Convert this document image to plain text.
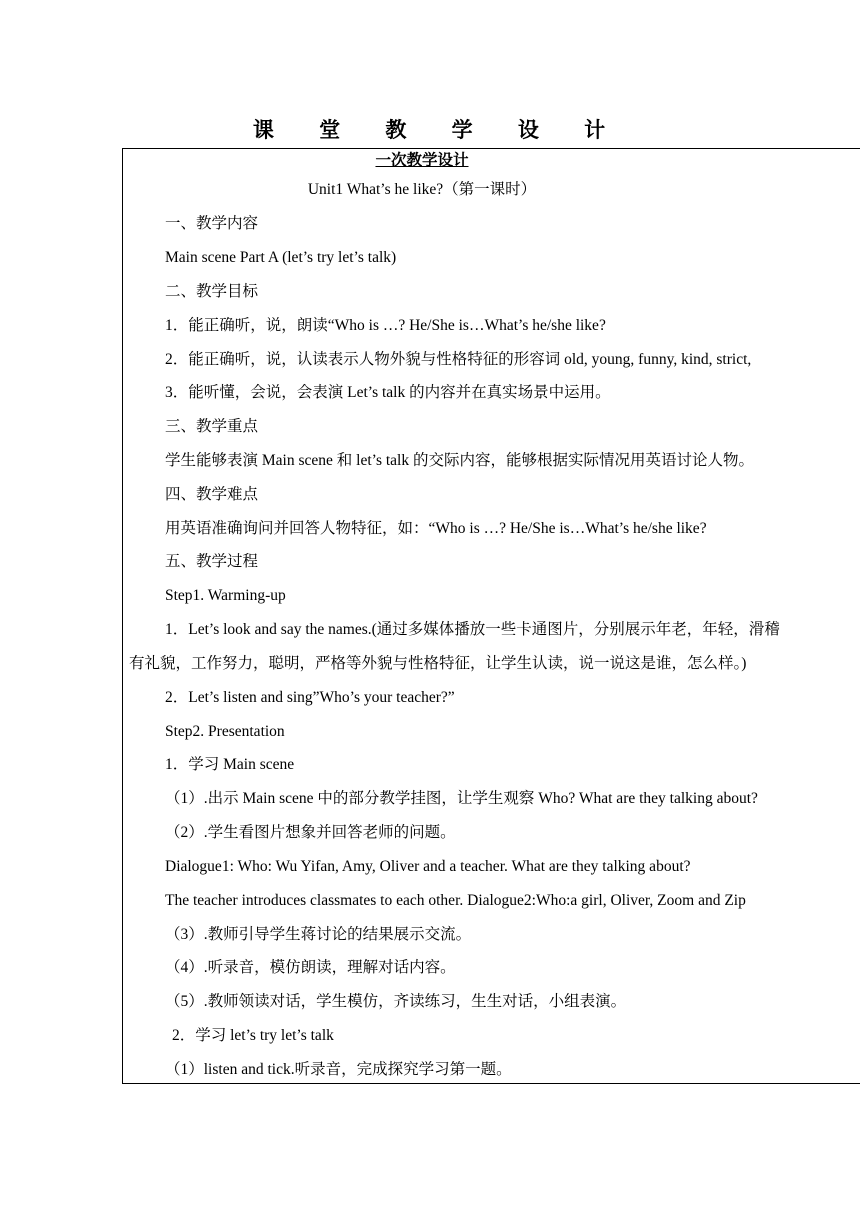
课 堂 教 学 设 计
一次教学设计
Unit1 What’s he like?（第一课时）
一、教学内容
Main scene Part A (let’s try let’s talk)
二、教学目标
1．能正确听，说，朗读“Who is …? He/She is…What’s he/she like?
2．能正确听，说，认读表示人物外貌与性格特征的形容词 old, young, funny, kind, strict,
3．能听懂，会说，会表演 Let’s talk 的内容并在真实场景中运用。
三、教学重点
学生能够表演 Main scene 和 let’s talk 的交际内容，能够根据实际情况用英语讨论人物。
四、教学难点
用英语准确询问并回答人物特征，如：“Who is …? He/She is…What’s he/she like?
五、教学过程
Step1. Warming-up
1．Let’s look and say the names.(通过多媒体播放一些卡通图片，分别展示年老，年轻，滑稽
有礼貌，工作努力，聪明，严格等外貌与性格特征，让学生认读，说一说这是谁，怎么样。)
2．Let’s listen and sing”Who’s your teacher?”
Step2. Presentation
1．学习 Main scene
（1）.出示 Main scene 中的部分教学挂图，让学生观察 Who? What are they talking about?
（2）.学生看图片想象并回答老师的问题。
Dialogue1: Who: Wu Yifan, Amy, Oliver and a teacher. What are they talking about?
The teacher introduces classmates to each other. Dialogue2:Who:a girl, Oliver, Zoom and Zip
（3）.教师引导学生蒋讨论的结果展示交流。
（4）.听录音，模仿朗读，理解对话内容。
（5）.教师领读对话，学生模仿，齐读练习，生生对话，小组表演。
2．学习 let’s try let’s talk
（1）listen and tick.听录音，完成探究学习第一题。
